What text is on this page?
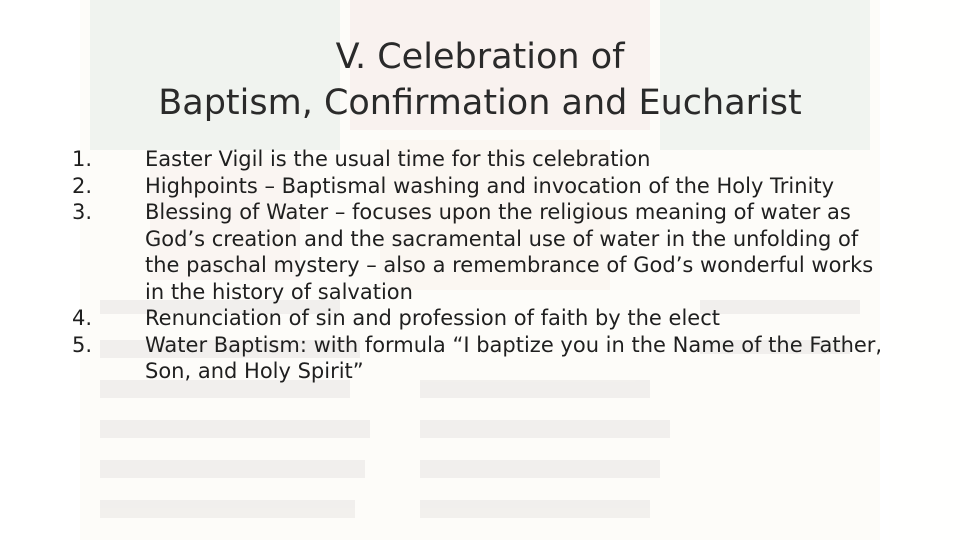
V. Celebration of
Baptism, Confirmation and Eucharist
1.	Easter Vigil is the usual time for this celebration
2.	Highpoints – Baptismal washing and invocation of the Holy Trinity
3.	Blessing of Water – focuses upon the religious meaning of water as God’s creation and the sacramental use of water in the unfolding of the paschal mystery – also a remembrance of God’s wonderful works in the history of salvation
4.	Renunciation of sin and profession of faith by the elect
5.	Water Baptism: with formula “I baptize you in the Name of the Father, Son, and Holy Spirit”
